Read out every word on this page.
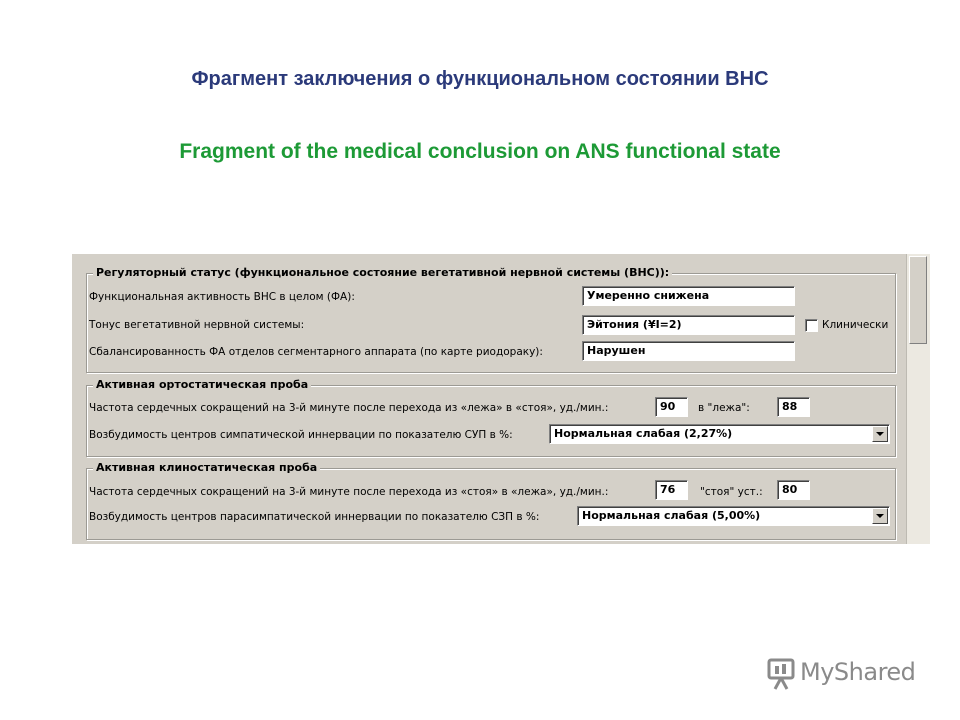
Фрагмент заключения о функциональном состоянии ВНС
Fragment of the medical conclusion on ANS functional state
Регуляторный статус (функциональное состояние вегетативной нервной системы (ВНС)):
Функциональная активность ВНС в целом (ФА):	Умеренно снижена
Тонус вегетативной нервной системы:	Эйтония (¥I=2)	Клинически
Сбалансированность ФА отделов сегментарного аппарата (по карте риодораку):	Нарушен
Активная ортостатическая проба
Частота сердечных сокращений на 3-й минуте после перехода из «лежа» в «стоя», уд./мин.:	90	в "лежа":	88
Возбудимость центров симпатической иннервации по показателю СУП в %:	Нормальная слабая (2,27%)
Активная клиностатическая проба
Частота сердечных сокращений на 3-й минуте после перехода из «стоя» в «лежа», уд./мин.:	76	"стоя" уст.:	80
Возбудимость центров парасимпатической иннервации по показателю СЗП в %:	Нормальная слабая (5,00%)
MyShared
